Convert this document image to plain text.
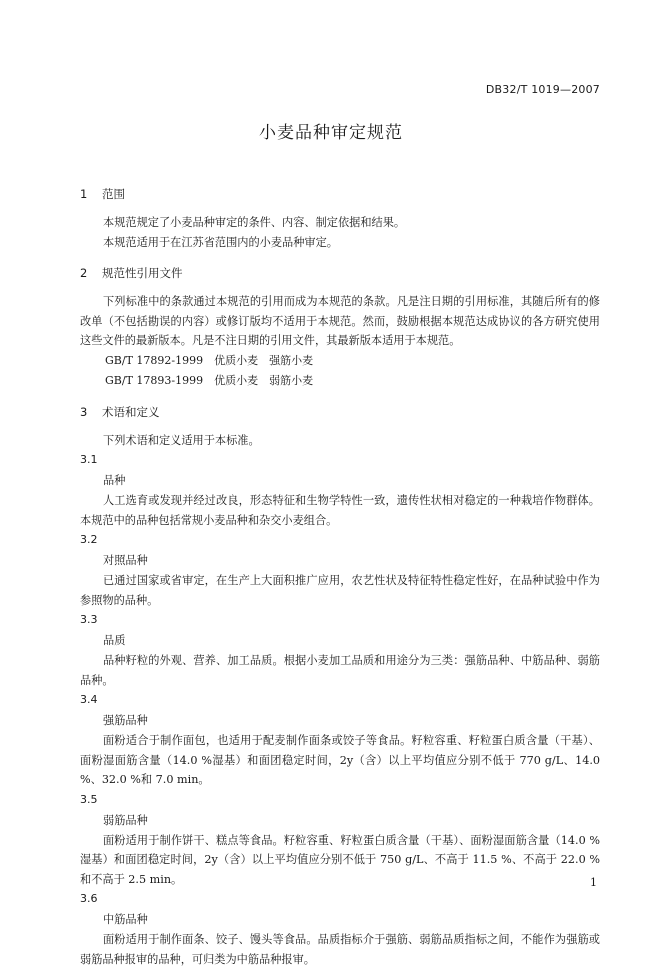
DB32/T 1019—2007
小麦品种审定规范
1 范围

本规范规定了小麦品种审定的条件、内容、制定依据和结果。

本规范适用于在江苏省范围内的小麦品种审定。

2 规范性引用文件

下列标准中的条款通过本规范的引用而成为本规范的条款。凡是注日期的引用标准，其随后所有的修改单（不包括勘误的内容）或修订版均不适用于本规范。然而，鼓励根据本规范达成协议的各方研究使用这些文件的最新版本。凡是不注日期的引用文件，其最新版本适用于本规范。

GB/T 17892-1999　优质小麦　强筋小麦
GB/T 17893-1999　优质小麦　弱筋小麦
3 术语和定义

下列术语和定义适用于本标准。

3.1
品种

人工选育或发现并经过改良，形态特征和生物学特性一致，遗传性状相对稳定的一种栽培作物群体。本规范中的品种包括常规小麦品种和杂交小麦组合。

3.2
对照品种

已通过国家或省审定，在生产上大面积推广应用，农艺性状及特征特性稳定性好，在品种试验中作为参照物的品种。

3.3
品质

品种籽粒的外观、营养、加工品质。根据小麦加工品质和用途分为三类：强筋品种、中筋品种、弱筋品种。

3.4
强筋品种

面粉适合于制作面包，也适用于配麦制作面条或饺子等食品。籽粒容重、籽粒蛋白质含量（干基）、面粉湿面筋含量（14.0 %湿基）和面团稳定时间，2y（含）以上平均值应分别不低于 770 g/L、14.0 %、32.0 %和 7.0 min。

3.5
弱筋品种

面粉适用于制作饼干、糕点等食品。籽粒容重、籽粒蛋白质含量（干基）、面粉湿面筋含量（14.0 %湿基）和面团稳定时间，2y（含）以上平均值应分别不低于 750 g/L、不高于 11.5 %、不高于 22.0 %和不高于 2.5 min。

3.6
中筋品种

面粉适用于制作面条、饺子、馒头等食品。品质指标介于强筋、弱筋品质指标之间，不能作为强筋或弱筋品种报审的品种，可归类为中筋品种报审。

1
